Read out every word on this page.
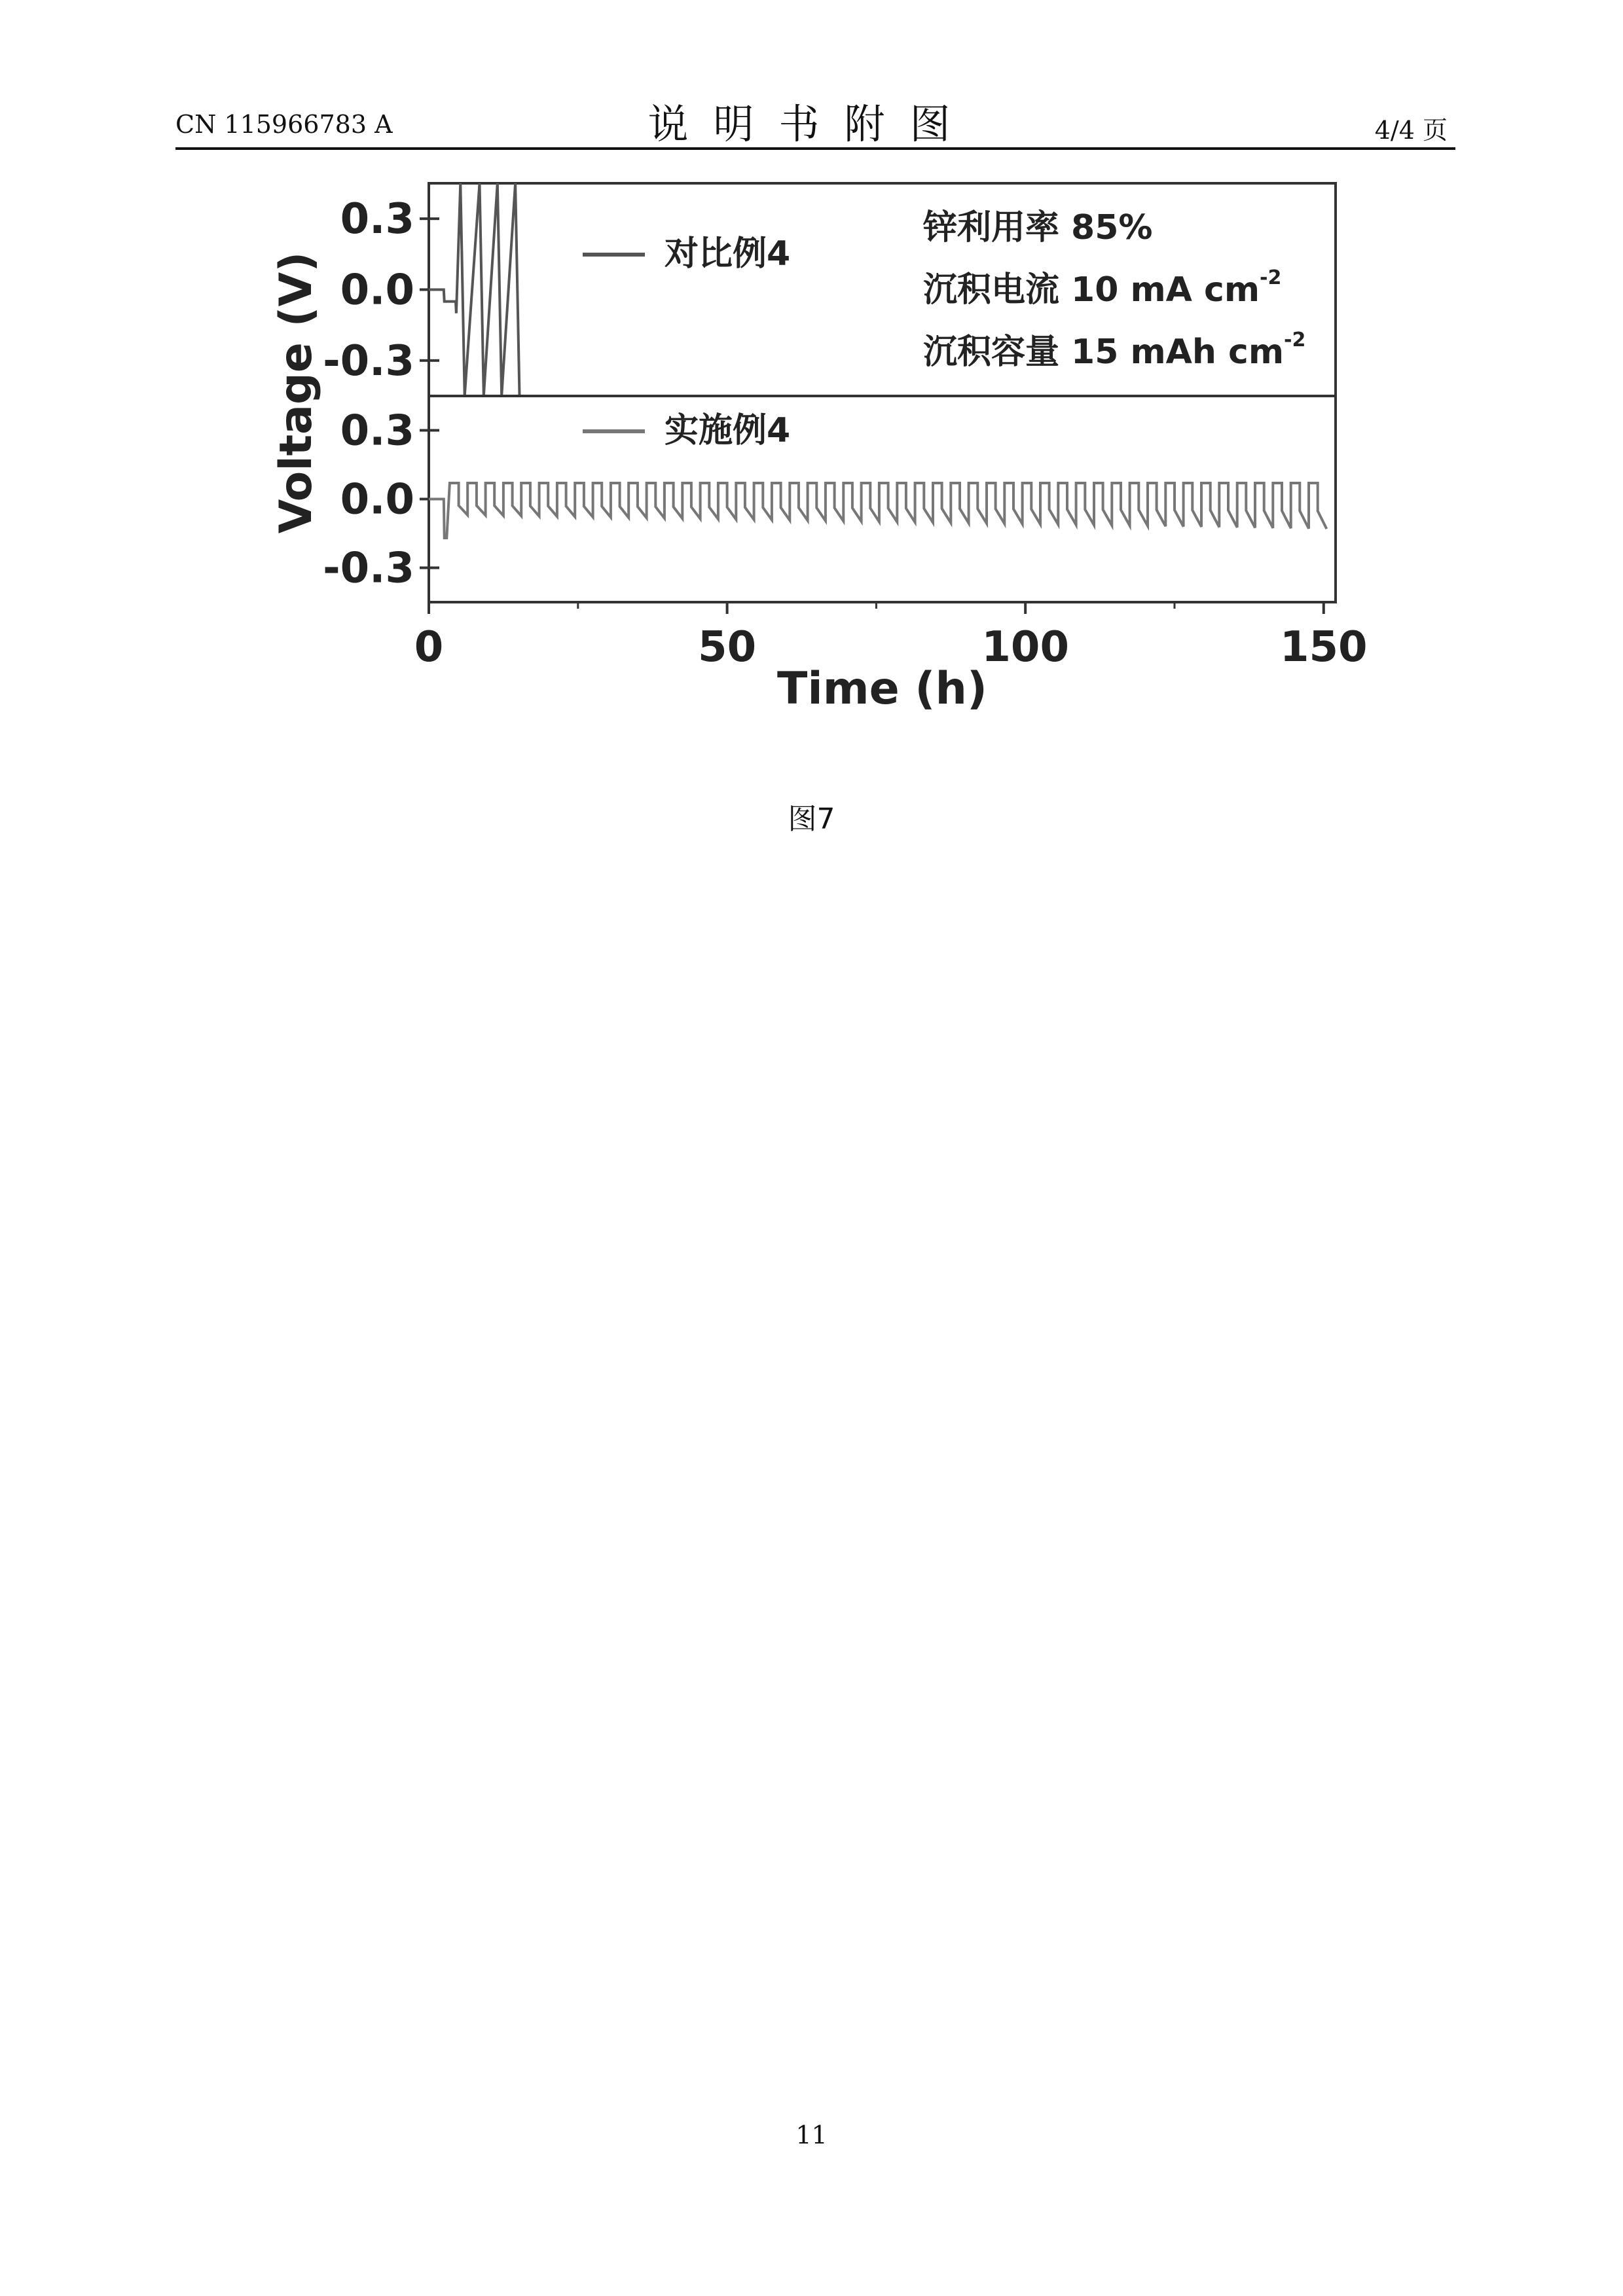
CN 115966783 A	说明书附图	4/4 页
0.3
0.0
-0.3
对比例4
锌利用率 85%
沉积电流 10 mA $cm^{-2}$
沉积容量 15 mAh $cm^{-2}$
0.3
0.0
-0.3
实施例4
0	50	100	150
Time (h)
Voltage (V)
图7
11
